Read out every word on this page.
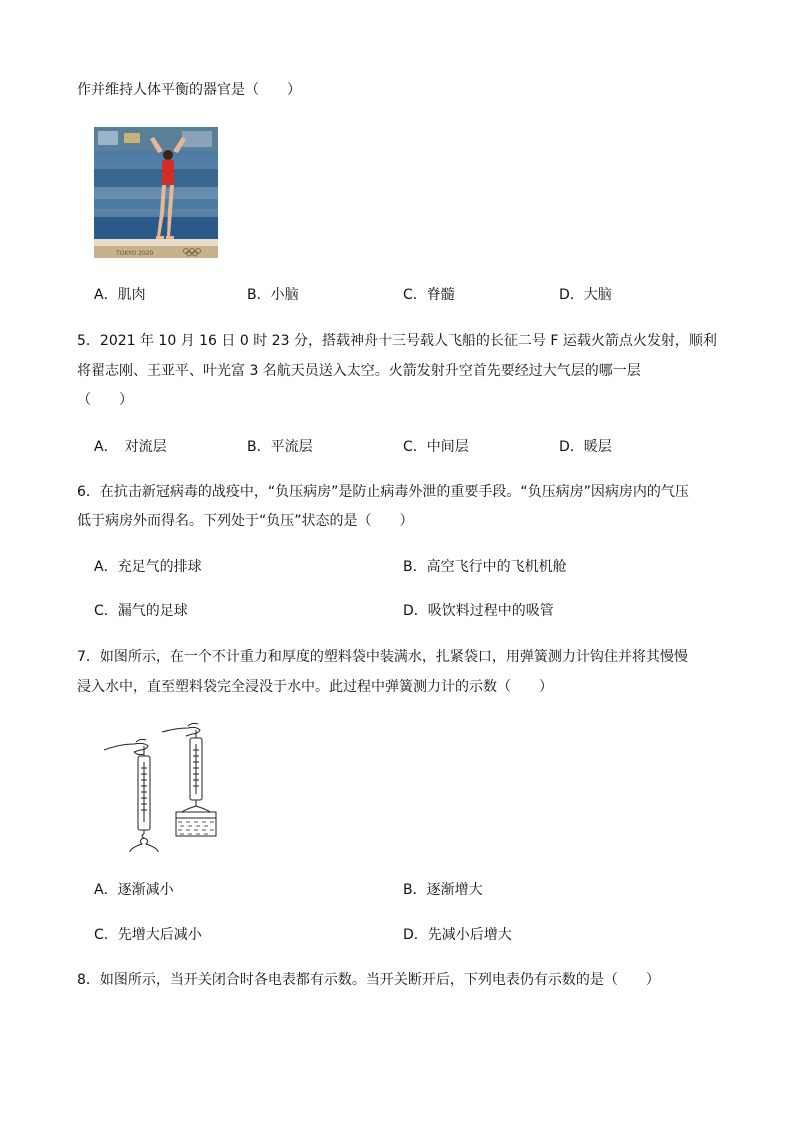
作并维持人体平衡的器官是（　　）
TOKYO 2020
A．肌肉	B．小脑	C．脊髓	D．大脑
5．2021 年 10 月 16 日 0 时 23 分，搭载神舟十三号载人飞船的长征二号 F 运载火箭点火发射，顺利
将翟志刚、王亚平、叶光富 3 名航天员送入太空。火箭发射升空首先要经过大气层的哪一层
（　　）
A．　对流层	B．平流层	C．中间层	D．暖层
6．在抗击新冠病毒的战疫中，“负压病房”是防止病毒外泄的重要手段。“负压病房”因病房内的气压
低于病房外而得名。下列处于“负压”状态的是（　　）
A．充足气的排球	B．高空飞行中的飞机机舱
C．漏气的足球	D．吸饮料过程中的吸管
7．如图所示，在一个不计重力和厚度的塑料袋中装满水，扎紧袋口，用弹簧测力计钩住并将其慢慢
浸入水中，直至塑料袋完全浸没于水中。此过程中弹簧测力计的示数（　　）
A．逐渐减小	B．逐渐增大
C．先增大后减小	D．先减小后增大
8．如图所示，当开关闭合时各电表都有示数。当开关断开后，下列电表仍有示数的是（　　）
